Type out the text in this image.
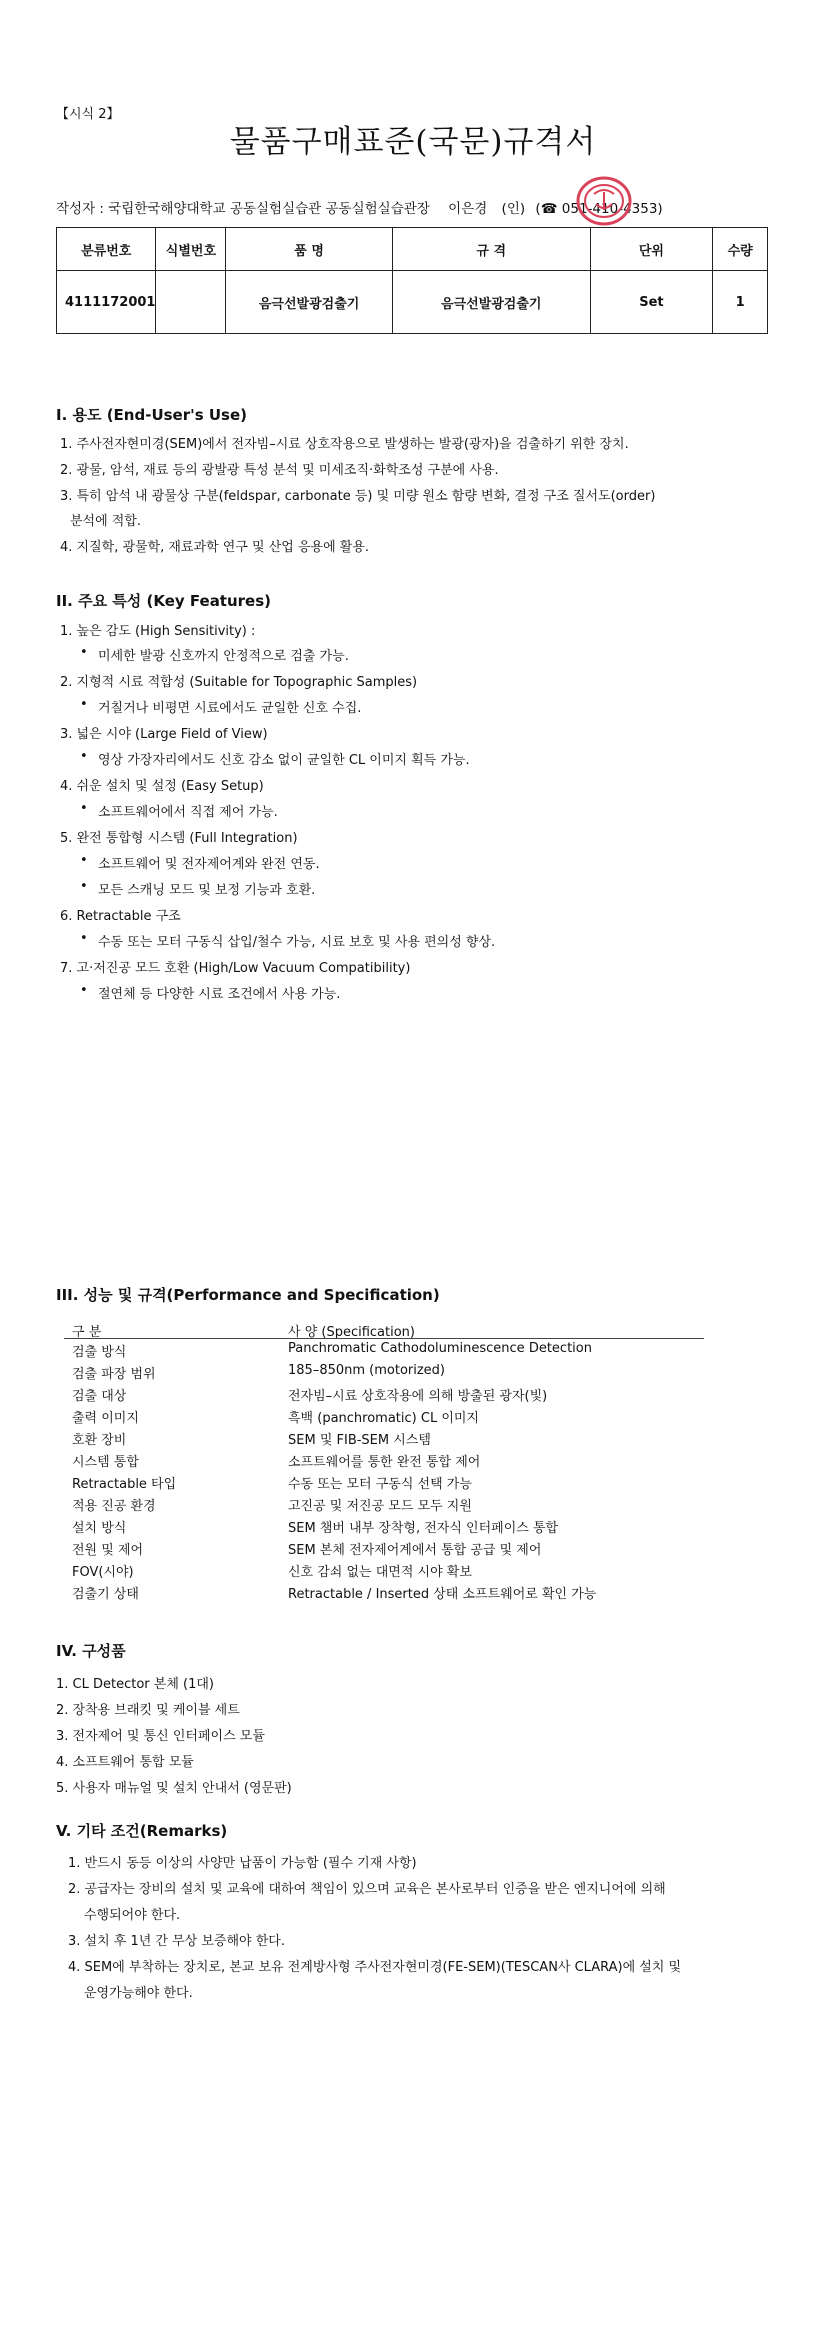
【시식 2】
물품구매표준(국문)규격서
작성자 : 국립한국해양대학교 공동실험실습관 공동실험실습관장 이은경 (인) (☎ 051-410-4353)
분류번호	식별번호	품 명	규 격	단위	수량
4111172001		음극선발광검출기	음극선발광검출기	Set	1
I. 용도 (End-User's Use)
1. 주사전자현미경(SEM)에서 전자빔–시료 상호작용으로 발생하는 발광(광자)을 검출하기 위한 장치.
2. 광물, 암석, 재료 등의 광발광 특성 분석 및 미세조직·화학조성 구분에 사용.
3. 특히 암석 내 광물상 구분(feldspar, carbonate 등) 및 미량 원소 함량 변화, 결정 구조 질서도(order)
분석에 적합.
4. 지질학, 광물학, 재료과학 연구 및 산업 응용에 활용.
II. 주요 특성 (Key Features)
1. 높은 감도 (High Sensitivity) :
• 미세한 발광 신호까지 안정적으로 검출 가능.
2. 지형적 시료 적합성 (Suitable for Topographic Samples)
• 거칠거나 비평면 시료에서도 균일한 신호 수집.
3. 넓은 시야 (Large Field of View)
• 영상 가장자리에서도 신호 감소 없이 균일한 CL 이미지 획득 가능.
4. 쉬운 설치 및 설정 (Easy Setup)
• 소프트웨어에서 직접 제어 가능.
5. 완전 통합형 시스템 (Full Integration)
• 소프트웨어 및 전자제어계와 완전 연동.
• 모든 스캐닝 모드 및 보정 기능과 호환.
6. Retractable 구조
• 수동 또는 모터 구동식 삽입/철수 가능, 시료 보호 및 사용 편의성 향상.
7. 고·저진공 모드 호환 (High/Low Vacuum Compatibility)
• 절연체 등 다양한 시료 조건에서 사용 가능.
III. 성능 및 규격(Performance and Specification)
구 분	사 양 (Specification)
검출 방식	Panchromatic Cathodoluminescence Detection
검출 파장 범위	185–850nm (motorized)
검출 대상	전자빔–시료 상호작용에 의해 방출된 광자(빛)
출력 이미지	흑백 (panchromatic) CL 이미지
호환 장비	SEM 및 FIB-SEM 시스템
시스템 통합	소프트웨어를 통한 완전 통합 제어
Retractable 타입	수동 또는 모터 구동식 선택 가능
적용 진공 환경	고진공 및 저진공 모드 모두 지원
설치 방식	SEM 챔버 내부 장착형, 전자식 인터페이스 통합
전원 및 제어	SEM 본체 전자제어계에서 통합 공급 및 제어
FOV(시야)	신호 감쇠 없는 대면적 시야 확보
검출기 상태	Retractable / Inserted 상태 소프트웨어로 확인 가능
IV. 구성품
1. CL Detector 본체 (1대)
2. 장착용 브래킷 및 케이블 세트
3. 전자제어 및 통신 인터페이스 모듈
4. 소프트웨어 통합 모듈
5. 사용자 매뉴얼 및 설치 안내서 (영문판)
V. 기타 조건(Remarks)
1. 반드시 동등 이상의 사양만 납품이 가능함 (필수 기재 사항)
2. 공급자는 장비의 설치 및 교육에 대하여 책임이 있으며 교육은 본사로부터 인증을 받은 엔지니어에 의해
수행되어야 한다.
3. 설치 후 1년 간 무상 보증해야 한다.
4. SEM에 부착하는 장치로, 본교 보유 전계방사형 주사전자현미경(FE-SEM)(TESCAN사 CLARA)에 설치 및
운영가능해야 한다.
